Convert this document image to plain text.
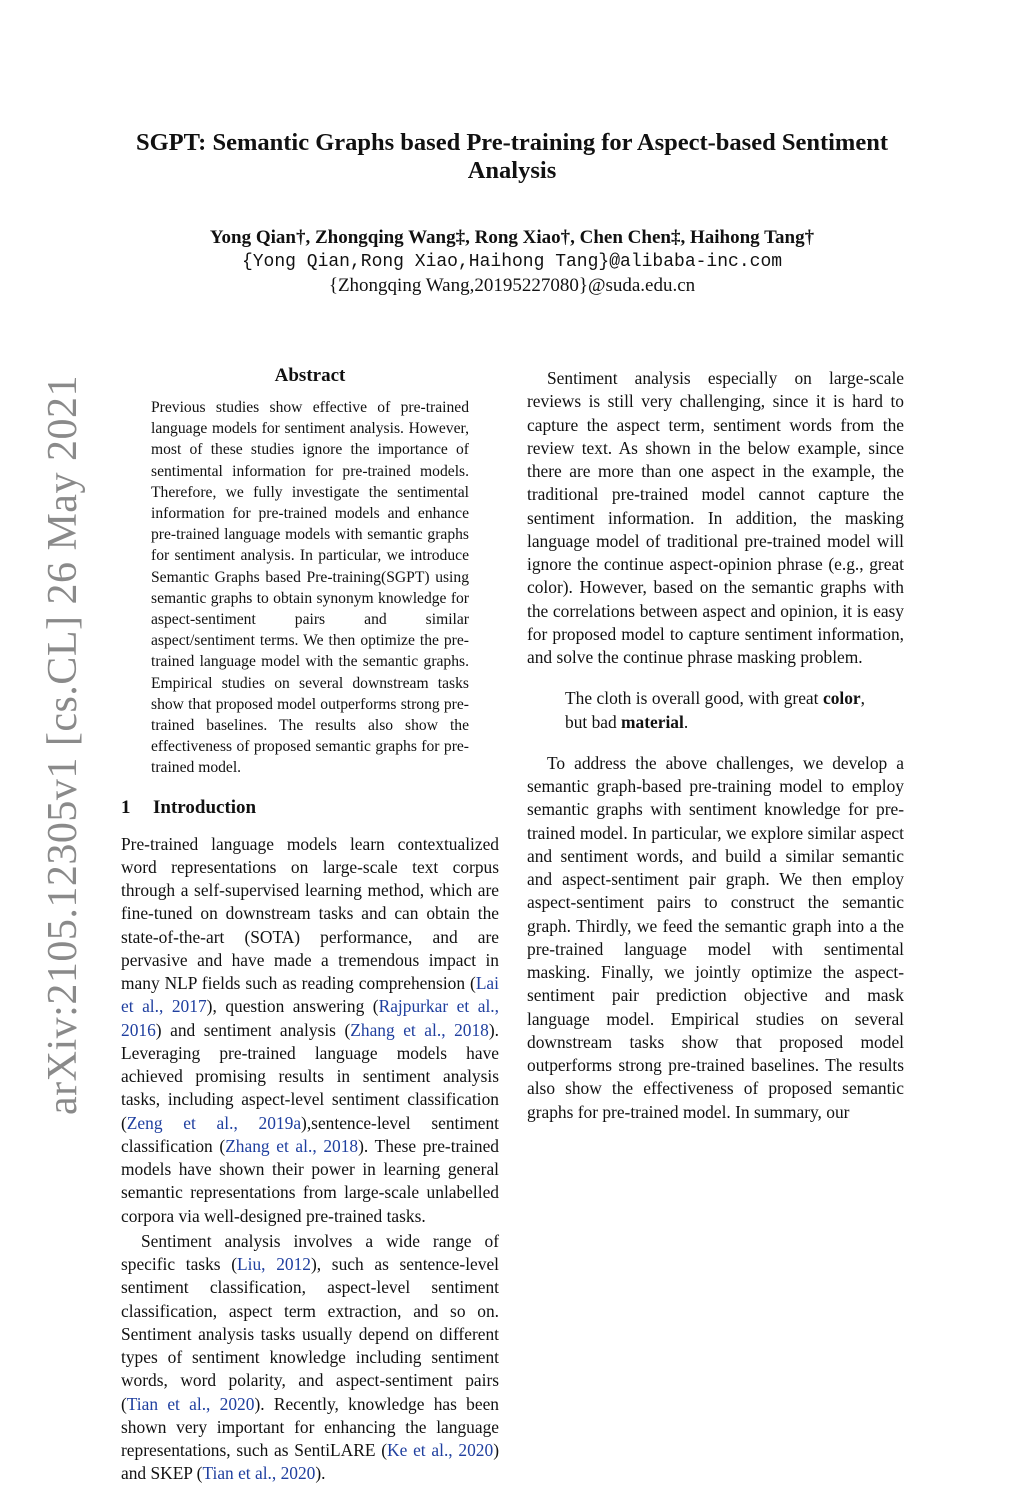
arXiv:2105.12305v1 [cs.CL] 26 May 2021
SGPT: Semantic Graphs based Pre-training for Aspect-based Sentiment Analysis
Yong Qian†, Zhongqing Wang‡, Rong Xiao†, Chen Chen‡, Haihong Tang†
{Yong Qian,Rong Xiao,Haihong Tang}@alibaba-inc.com
{Zhongqing Wang,20195227080}@suda.edu.cn
Abstract
Previous studies show effective of pre-trained language models for sentiment analysis. However, most of these studies ignore the importance of sentimental information for pre-trained models. Therefore, we fully investigate the sentimental information for pre-trained models and enhance pre-trained language models with semantic graphs for sentiment analysis. In particular, we introduce Semantic Graphs based Pre-training(SGPT) using semantic graphs to obtain synonym knowledge for aspect-sentiment pairs and similar aspect/sentiment terms. We then optimize the pre-trained language model with the semantic graphs. Empirical studies on several downstream tasks show that proposed model outperforms strong pre-trained baselines. The results also show the effectiveness of proposed semantic graphs for pre-trained model.
1 Introduction

Pre-trained language models learn contextualized word representations on large-scale text corpus through a self-supervised learning method, which are fine-tuned on downstream tasks and can obtain the state-of-the-art (SOTA) performance, and are pervasive and have made a tremendous impact in many NLP fields such as reading comprehension (Lai et al., 2017), question answering (Rajpurkar et al., 2016) and sentiment analysis (Zhang et al., 2018). Leveraging pre-trained language models have achieved promising results in sentiment analysis tasks, including aspect-level sentiment classification (Zeng et al., 2019a),sentence-level sentiment classification (Zhang et al., 2018). These pre-trained models have shown their power in learning general semantic representations from large-scale unlabelled corpora via well-designed pre-trained tasks.

Sentiment analysis involves a wide range of specific tasks (Liu, 2012), such as sentence-level sentiment classification, aspect-level sentiment classification, aspect term extraction, and so on. Sentiment analysis tasks usually depend on different types of sentiment knowledge including sentiment words, word polarity, and aspect-sentiment pairs (Tian et al., 2020). Recently, knowledge has been shown very important for enhancing the language representations, such as SentiLARE (Ke et al., 2020) and SKEP (Tian et al., 2020).

Sentiment analysis especially on large-scale reviews is still very challenging, since it is hard to capture the aspect term, sentiment words from the review text. As shown in the below example, since there are more than one aspect in the example, the traditional pre-trained model cannot capture the sentiment information. In addition, the masking language model of traditional pre-trained model will ignore the continue aspect-opinion phrase (e.g., great color). However, based on the semantic graphs with the correlations between aspect and opinion, it is easy for proposed model to capture sentiment information, and solve the continue phrase masking problem.

The cloth is overall good, with great color, but bad material.

To address the above challenges, we develop a semantic graph-based pre-training model to employ semantic graphs with sentiment knowledge for pre-trained model. In particular, we explore similar aspect and sentiment words, and build a similar semantic and aspect-sentiment pair graph. We then employ aspect-sentiment pairs to construct the semantic graph. Thirdly, we feed the semantic graph into a the pre-trained language model with sentimental masking. Finally, we jointly optimize the aspect-sentiment pair prediction objective and mask language model. Empirical studies on several downstream tasks show that proposed model outperforms strong pre-trained baselines. The results also show the effectiveness of proposed semantic graphs for pre-trained model. In summary, our
